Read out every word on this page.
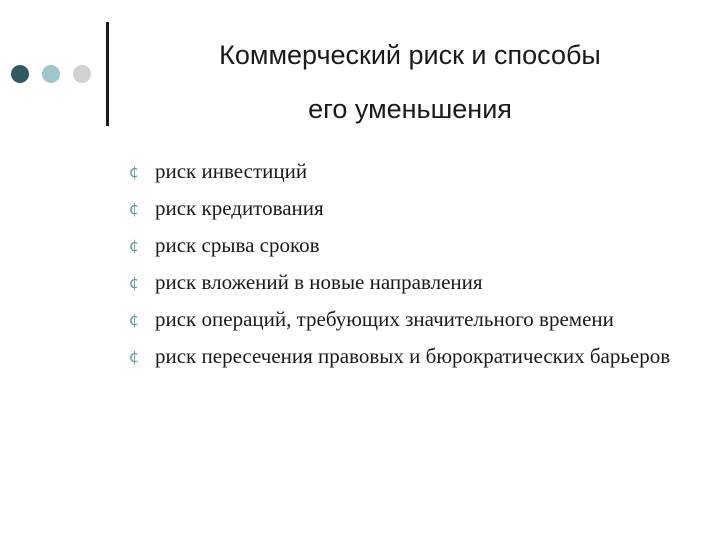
Коммерческий риск и способы
его уменьшения
¢ риск инвестиций
¢ риск кредитования
¢ риск срыва сроков
¢ риск вложений в новые направления
¢ риск операций, требующих значительного времени
¢ риск пересечения правовых и бюрократических барьеров
